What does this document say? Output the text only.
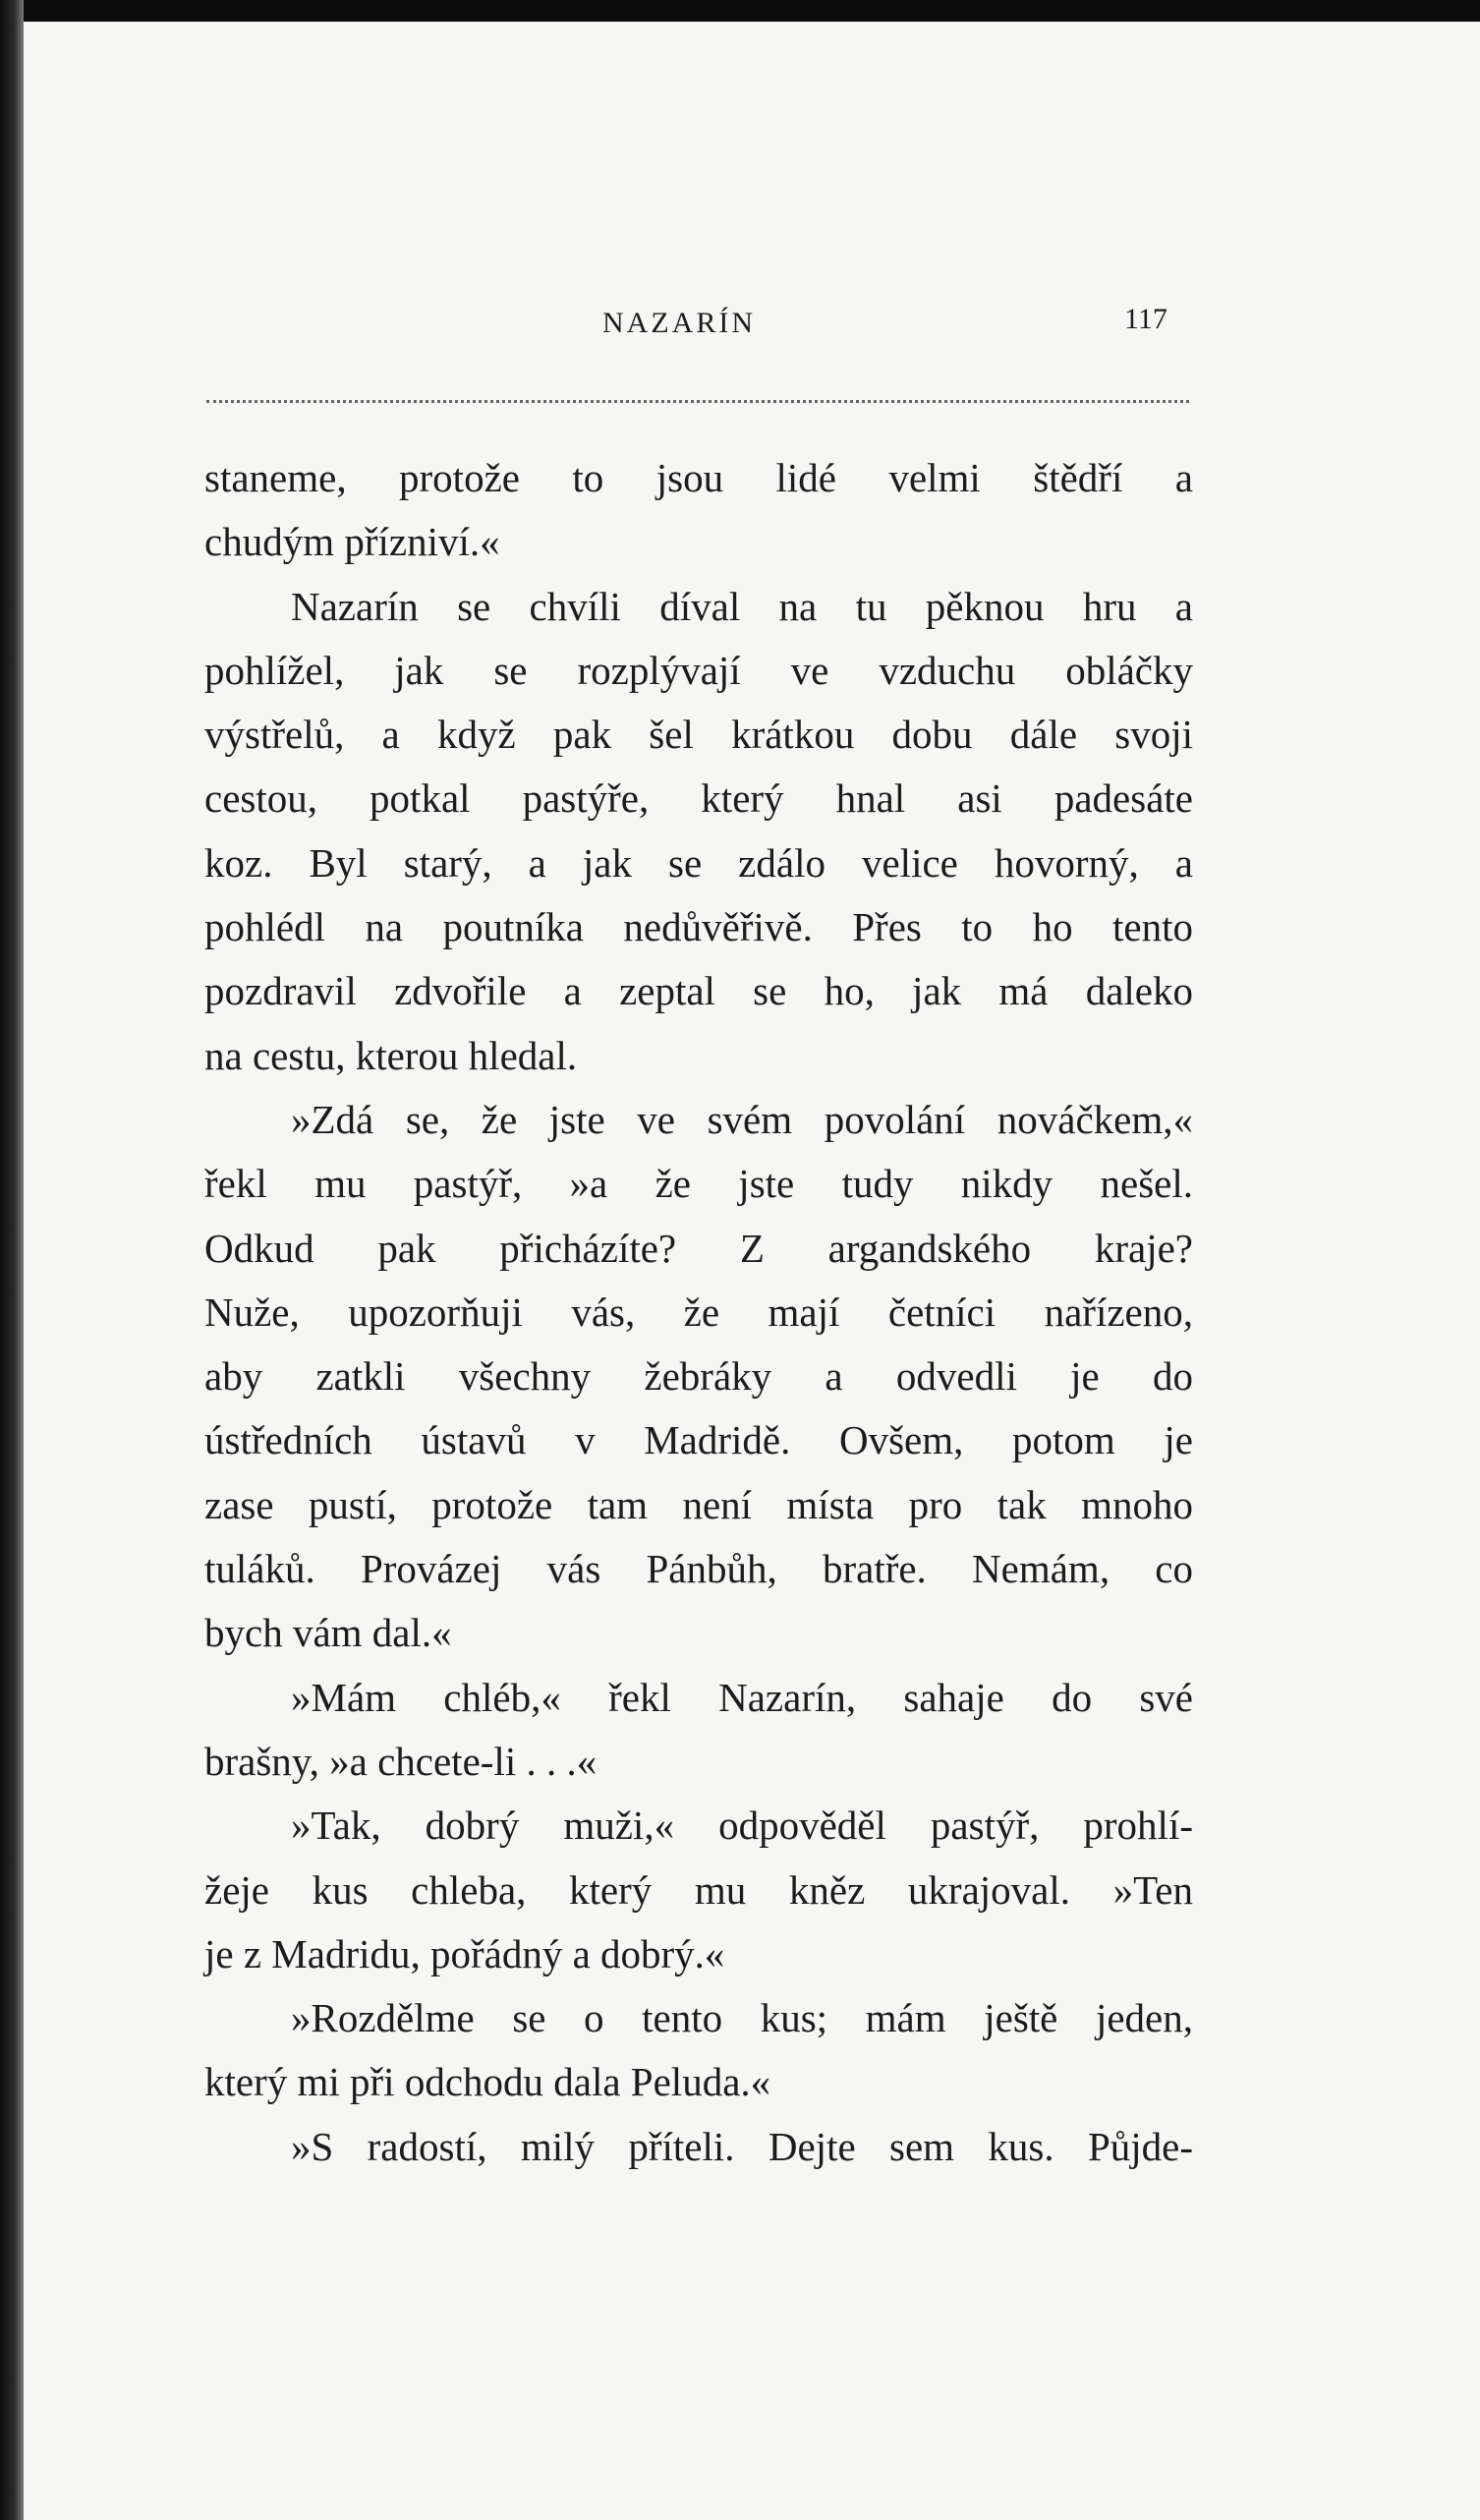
NAZARÍN	117
staneme, protože to jsou lidé velmi štědří a
chudým přízniví.«
Nazarín se chvíli díval na tu pěknou hru a
pohlížel, jak se rozplývají ve vzduchu obláčky
výstřelů, a když pak šel krátkou dobu dále svoji
cestou, potkal pastýře, který hnal asi padesáte
koz. Byl starý, a jak se zdálo velice hovorný, a
pohlédl na poutníka nedůvěřivě. Přes to ho tento
pozdravil zdvořile a zeptal se ho, jak má daleko
na cestu, kterou hledal.
»Zdá se, že jste ve svém povolání nováčkem,«
řekl mu pastýř, »a že jste tudy nikdy nešel.
Odkud pak přicházíte? Z argandského kraje?
Nuže, upozorňuji vás, že mají četníci nařízeno,
aby zatkli všechny žebráky a odvedli je do
ústředních ústavů v Madridě. Ovšem, potom je
zase pustí, protože tam není místa pro tak mnoho
tuláků. Provázej vás Pánbůh, bratře. Nemám, co
bych vám dal.«
»Mám chléb,« řekl Nazarín, sahaje do své
brašny, »a chcete-li . . .«
»Tak, dobrý muži,« odpověděl pastýř, prohlí-
žeje kus chleba, který mu kněz ukrajoval. »Ten
je z Madridu, pořádný a dobrý.«
»Rozdělme se o tento kus; mám ještě jeden,
který mi při odchodu dala Peluda.«
»S radostí, milý příteli. Dejte sem kus. Půjde-
